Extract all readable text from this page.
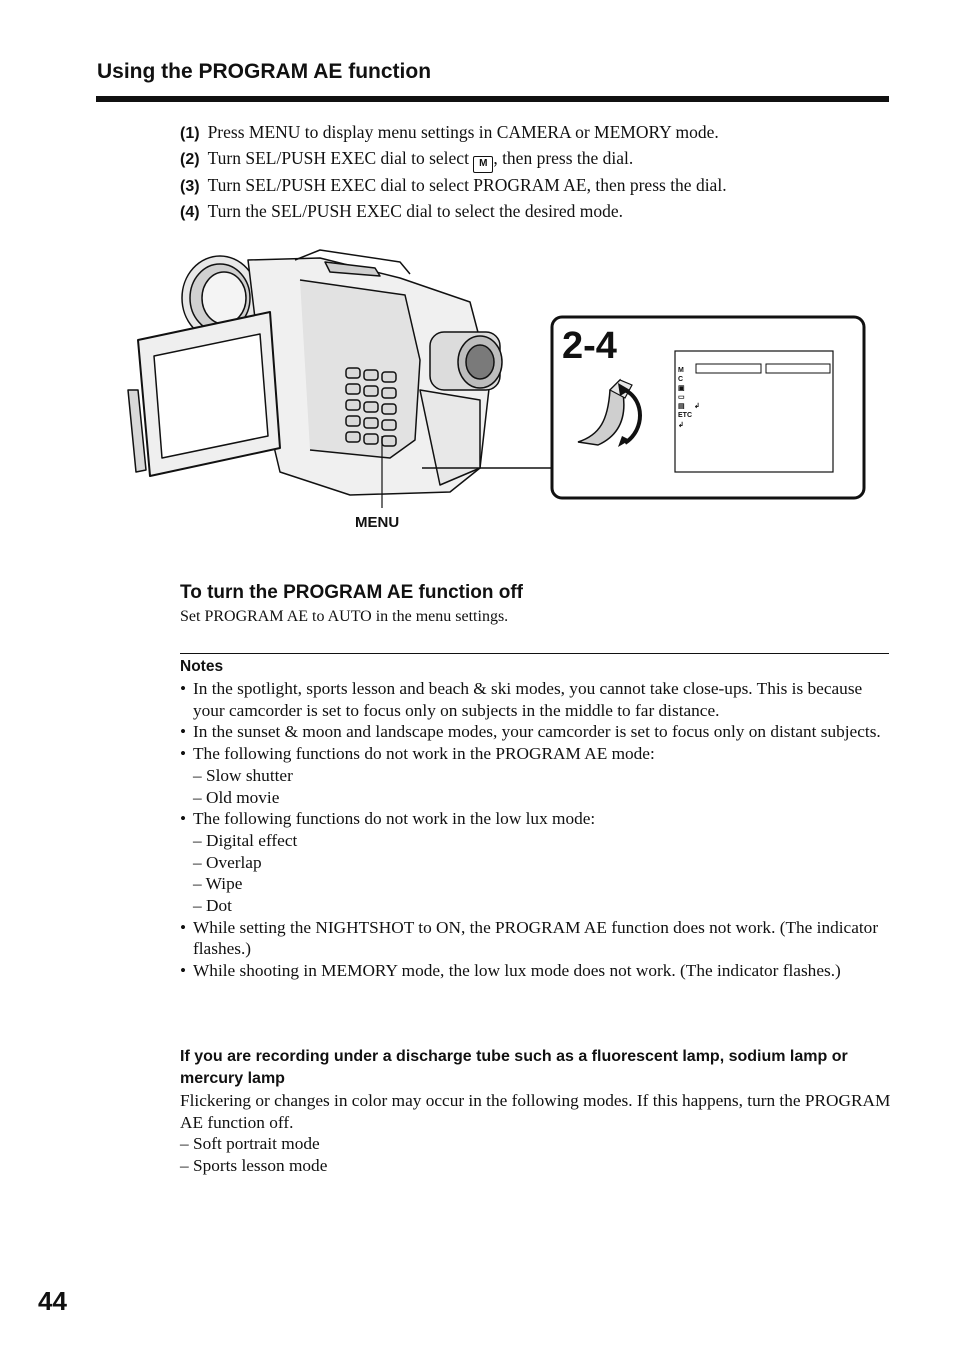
Using the PROGRAM AE function
(1) Press MENU to display menu settings in CAMERA or MEMORY mode.
(2) Turn SEL/PUSH EXEC dial to select M , then press the dial.
(3) Turn SEL/PUSH EXEC dial to select PROGRAM AE, then press the dial.
(4) Turn the SEL/PUSH EXEC dial to select the desired mode.
2-4
M
C
▣
▭
▤
ETC
↲
↲
MENU
To turn the PROGRAM AE function off
Set PROGRAM AE to AUTO in the menu settings.
Notes
• In the spotlight, sports lesson and beach & ski modes, you cannot take close-ups. This is because your camcorder is set to focus only on subjects in the middle to far distance.
• In the sunset & moon and landscape modes, your camcorder is set to focus only on distant subjects.
• The following functions do not work in the PROGRAM AE mode:
– Slow shutter
– Old movie
• The following functions do not work in the low lux mode:
– Digital effect
– Overlap
– Wipe
– Dot
• While setting the NIGHTSHOT to ON, the PROGRAM AE function does not work. (The indicator flashes.)
• While shooting in MEMORY mode, the low lux mode does not work. (The indicator flashes.)
If you are recording under a discharge tube such as a fluorescent lamp, sodium lamp or mercury lamp
Flickering or changes in color may occur in the following modes. If this happens, turn the PROGRAM AE function off.
– Soft portrait mode
– Sports lesson mode
44
